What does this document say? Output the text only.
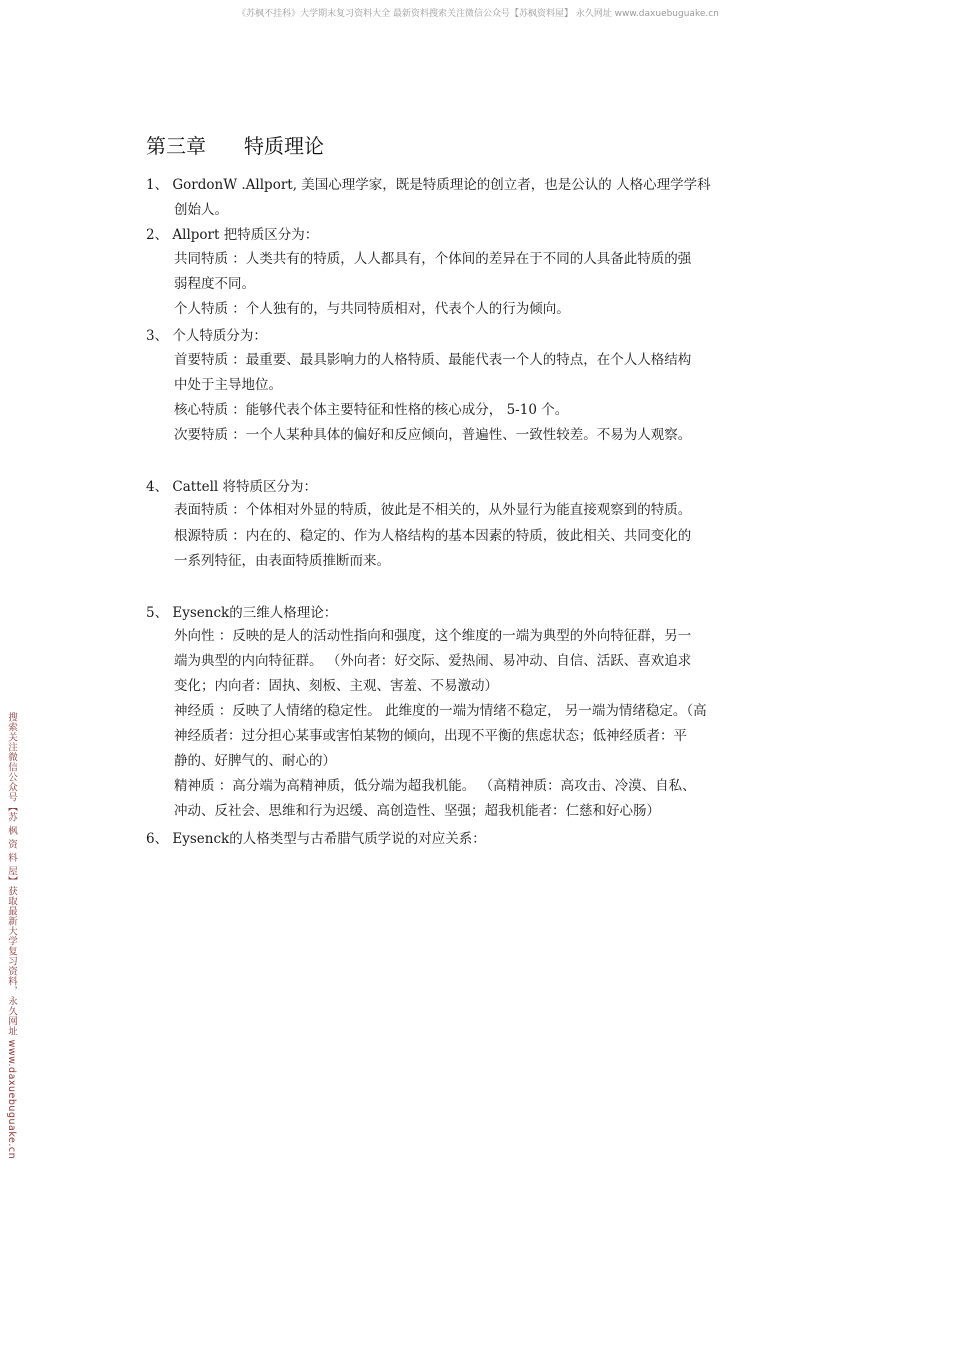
《苏枫不挂科》大学期末复习资料大全 最新资料搜索关注微信公众号【苏枫资料屋】 永久网址 www.daxuebuguake.cn
搜索关注微信公众号【苏 枫 资 料 屋】获取最新大学复习资料，永久网址 www.daxuebuguake.cn
第三章 特质理论
1、 GordonW .Allport, 美国心理学家，既是特质理论的创立者，也是公认的 人格心理学学科
创始人。
2、 Allport 把特质区分为：
共同特质 ：人类共有的特质，人人都具有，个体间的差异在于不同的人具备此特质的强
弱程度不同。
个人特质 ：个人独有的，与共同特质相对，代表个人的行为倾向。
3、 个人特质分为：
首要特质 ：最重要、最具影响力的人格特质、最能代表一个人的特点，在个人人格结构
中处于主导地位。
核心特质 ：能够代表个体主要特征和性格的核心成分， 5-10 个。
次要特质 ：一个人某种具体的偏好和反应倾向，普遍性、一致性较差。不易为人观察。
4、 Cattell 将特质区分为：
表面特质 ：个体相对外显的特质，彼此是不相关的，从外显行为能直接观察到的特质。
根源特质 ：内在的、稳定的、作为人格结构的基本因素的特质，彼此相关、共同变化的
一系列特征，由表面特质推断而来。
5、 Eysenck的三维人格理论：
外向性 ：反映的是人的活动性指向和强度，这个维度的一端为典型的外向特征群，另一
端为典型的内向特征群。 （外向者：好交际、爱热闹、易冲动、自信、活跃、喜欢追求
变化；内向者：固执、刻板、主观、害羞、不易激动）
神经质 ：反映了人情绪的稳定性。 此维度的一端为情绪不稳定， 另一端为情绪稳定。（高
神经质者：过分担心某事或害怕某物的倾向，出现不平衡的焦虑状态；低神经质者：平
静的、好脾气的、耐心的）
精神质 ：高分端为高精神质，低分端为超我机能。 （高精神质：高攻击、冷漠、自私、
冲动、反社会、思维和行为迟缓、高创造性、坚强；超我机能者：仁慈和好心肠）
6、 Eysenck的人格类型与古希腊气质学说的对应关系：
